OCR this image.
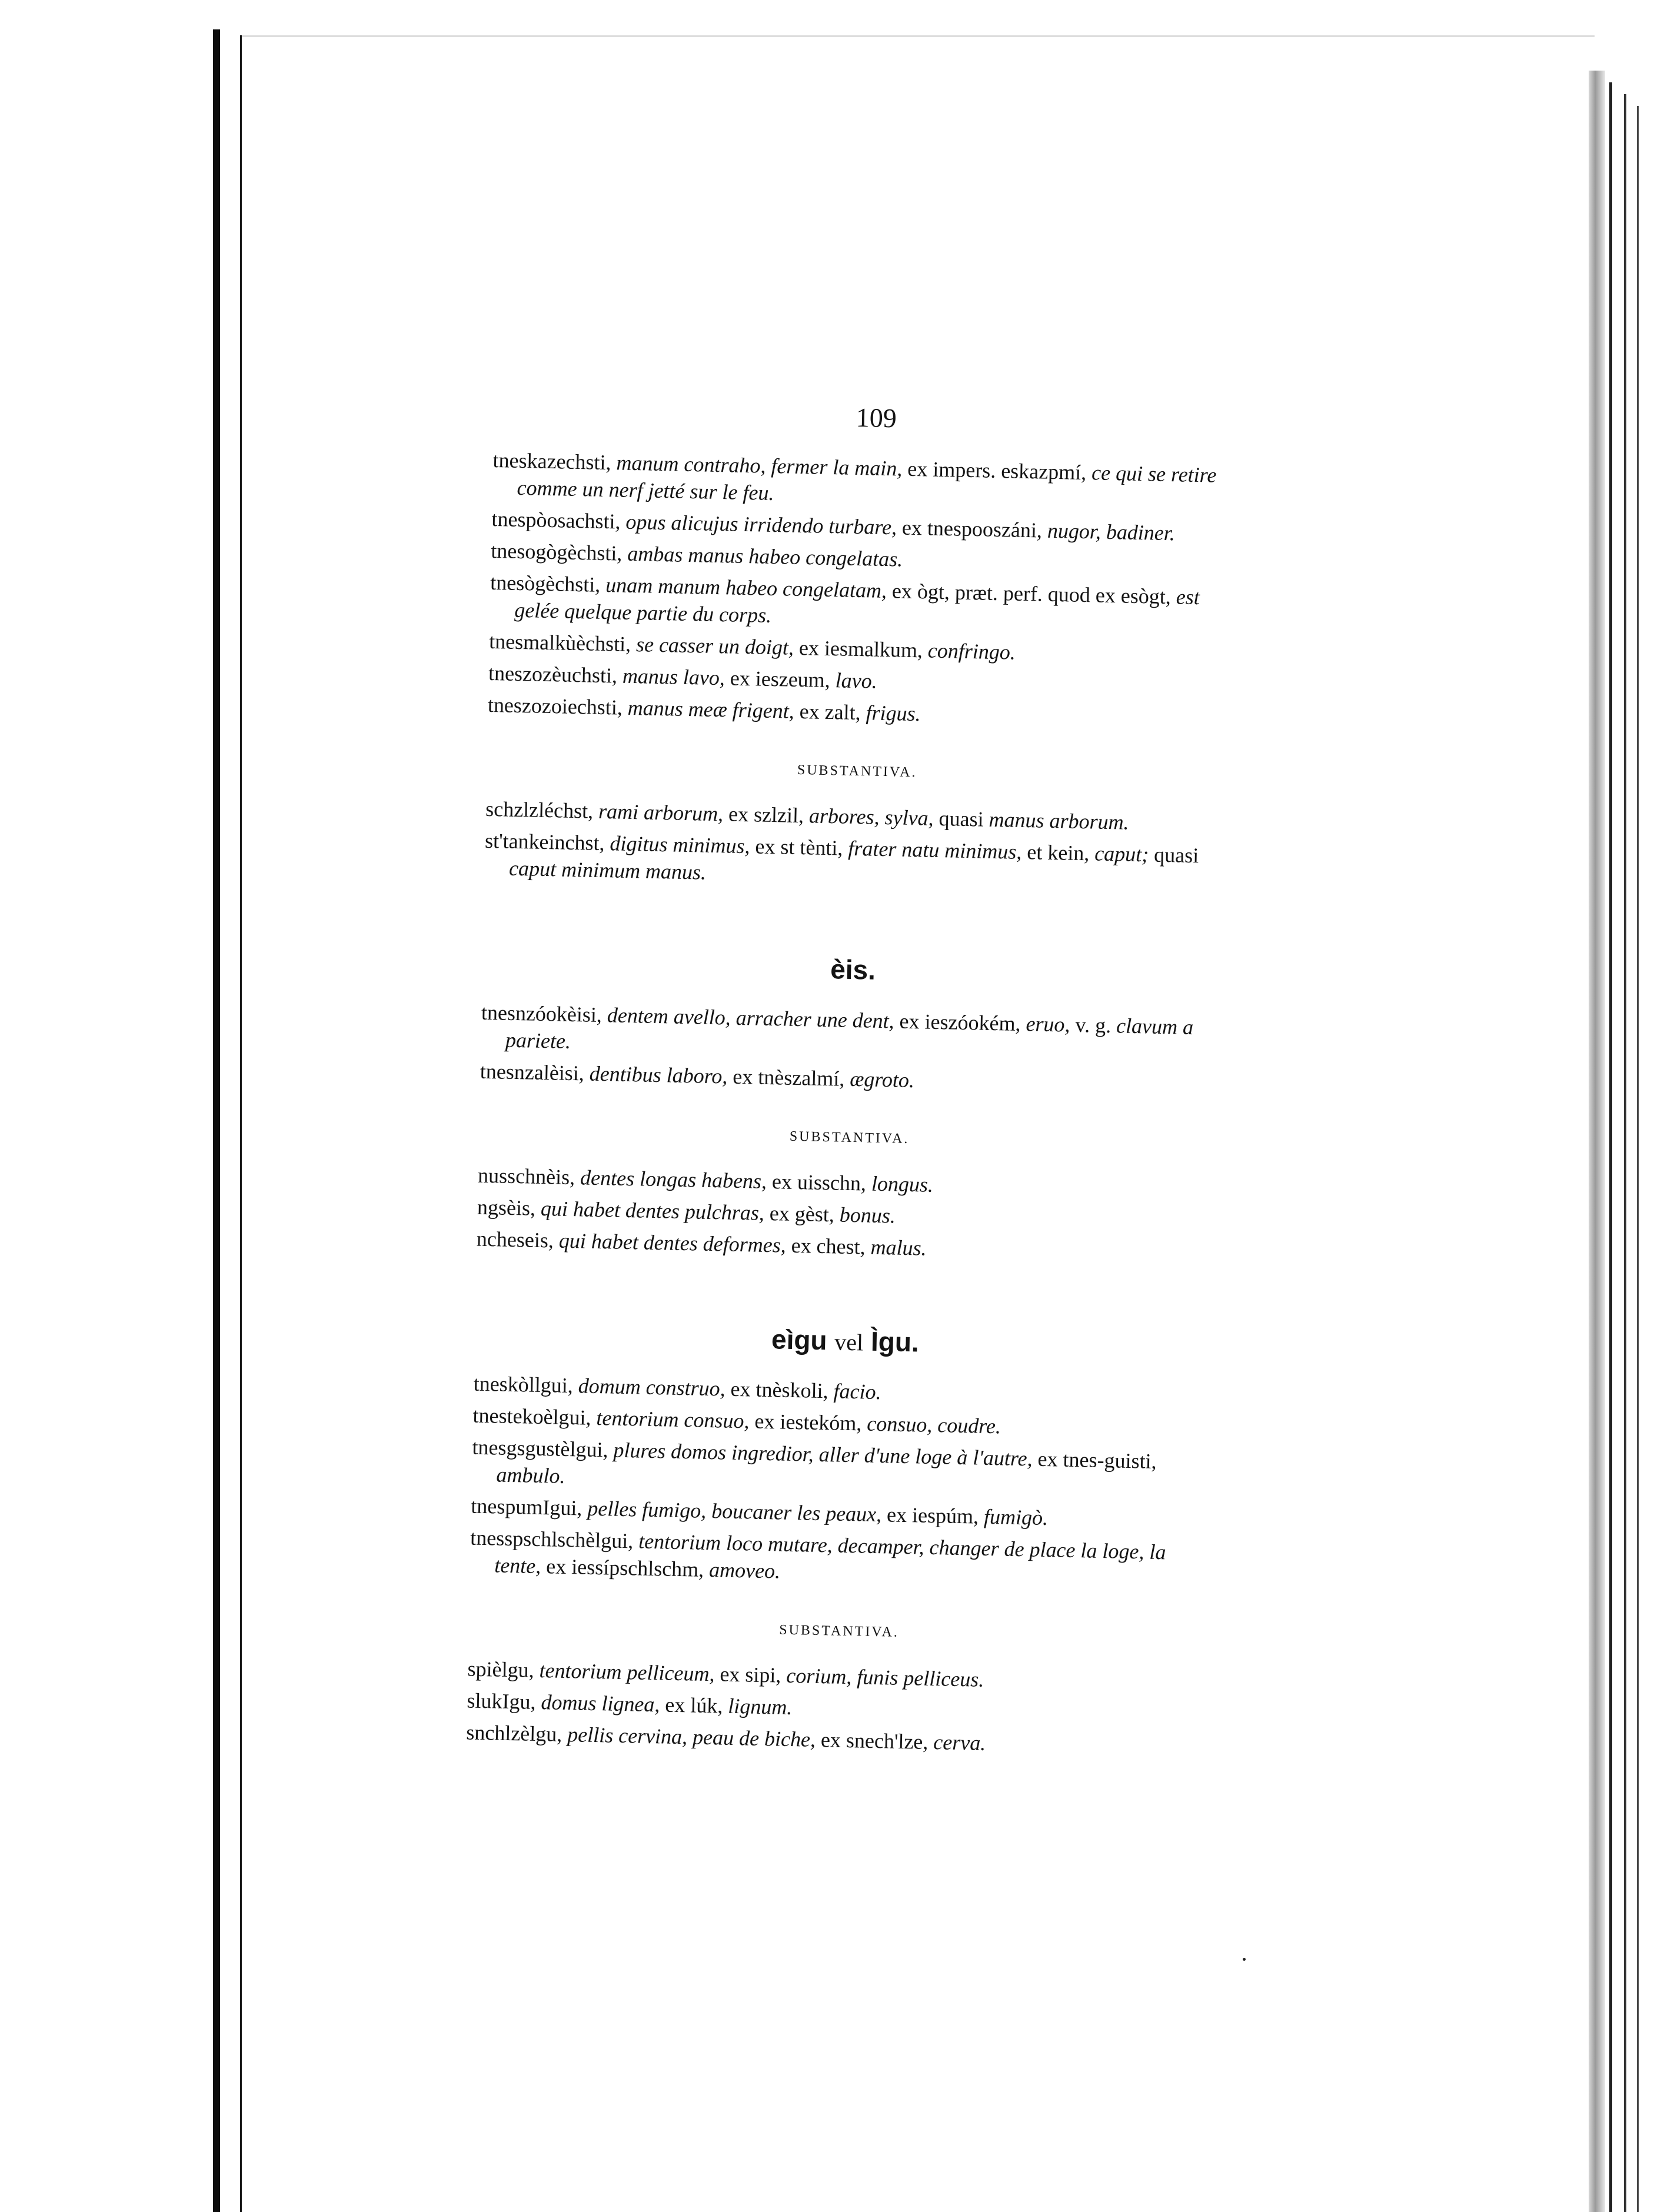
109
tneskazechsti, manum contraho, fermer la main, ex impers. eskazpmí, ce qui se retire comme un nerf jetté sur le feu.
tnespòosachsti, opus alicujus irridendo turbare, ex tnespooszáni, nugor, badiner.
tnesogògèchsti, ambas manus habeo congelatas.
tnesògèchsti, unam manum habeo congelatam, ex ògt, præt. perf. quod ex esògt, est gelée quelque partie du corps.
tnesmalkùèchsti, se casser un doigt, ex iesmalkum, confringo.
tneszozèuchsti, manus lavo, ex ieszeum, lavo.
tneszozoiechsti, manus meæ frigent, ex zalt, frigus.
SUBSTANTIVA.
schzlzléchst, rami arborum, ex szlzil, arbores, sylva, quasi manus arborum.
st'tankeinchst, digitus minimus, ex st tènti, frater natu minimus, et kein, caput; quasi caput minimum manus.
èis.
tnesnzóokèisi, dentem avello, arracher une dent, ex ieszóokém, eruo, v. g. clavum a pariete.
tnesnzalèisi, dentibus laboro, ex tnèszalmí, ægroto.
SUBSTANTIVA.
nusschnèis, dentes longas habens, ex uisschn, longus.
ngsèis, qui habet dentes pulchras, ex gèst, bonus.
ncheseis, qui habet dentes deformes, ex chest, malus.
eìgu vel Ìgu.
tneskòllgui, domum construo, ex tnèskoli, facio.
tnestekoèlgui, tentorium consuo, ex iestekóm, consuo, coudre.
tnesgsgustèlgui, plures domos ingredior, aller d'une loge à l'autre, ex tnes-guisti, ambulo.
tnespumIgui, pelles fumigo, boucaner les peaux, ex iespúm, fumigò.
tnesspschlschèlgui, tentorium loco mutare, decamper, changer de place la loge, la tente, ex iessípschlschm, amoveo.
SUBSTANTIVA.
spièlgu, tentorium pelliceum, ex sipi, corium, funis pelliceus.
slukIgu, domus lignea, ex lúk, lignum.
snchlzèlgu, pellis cervina, peau de biche, ex snech'lze, cerva.
